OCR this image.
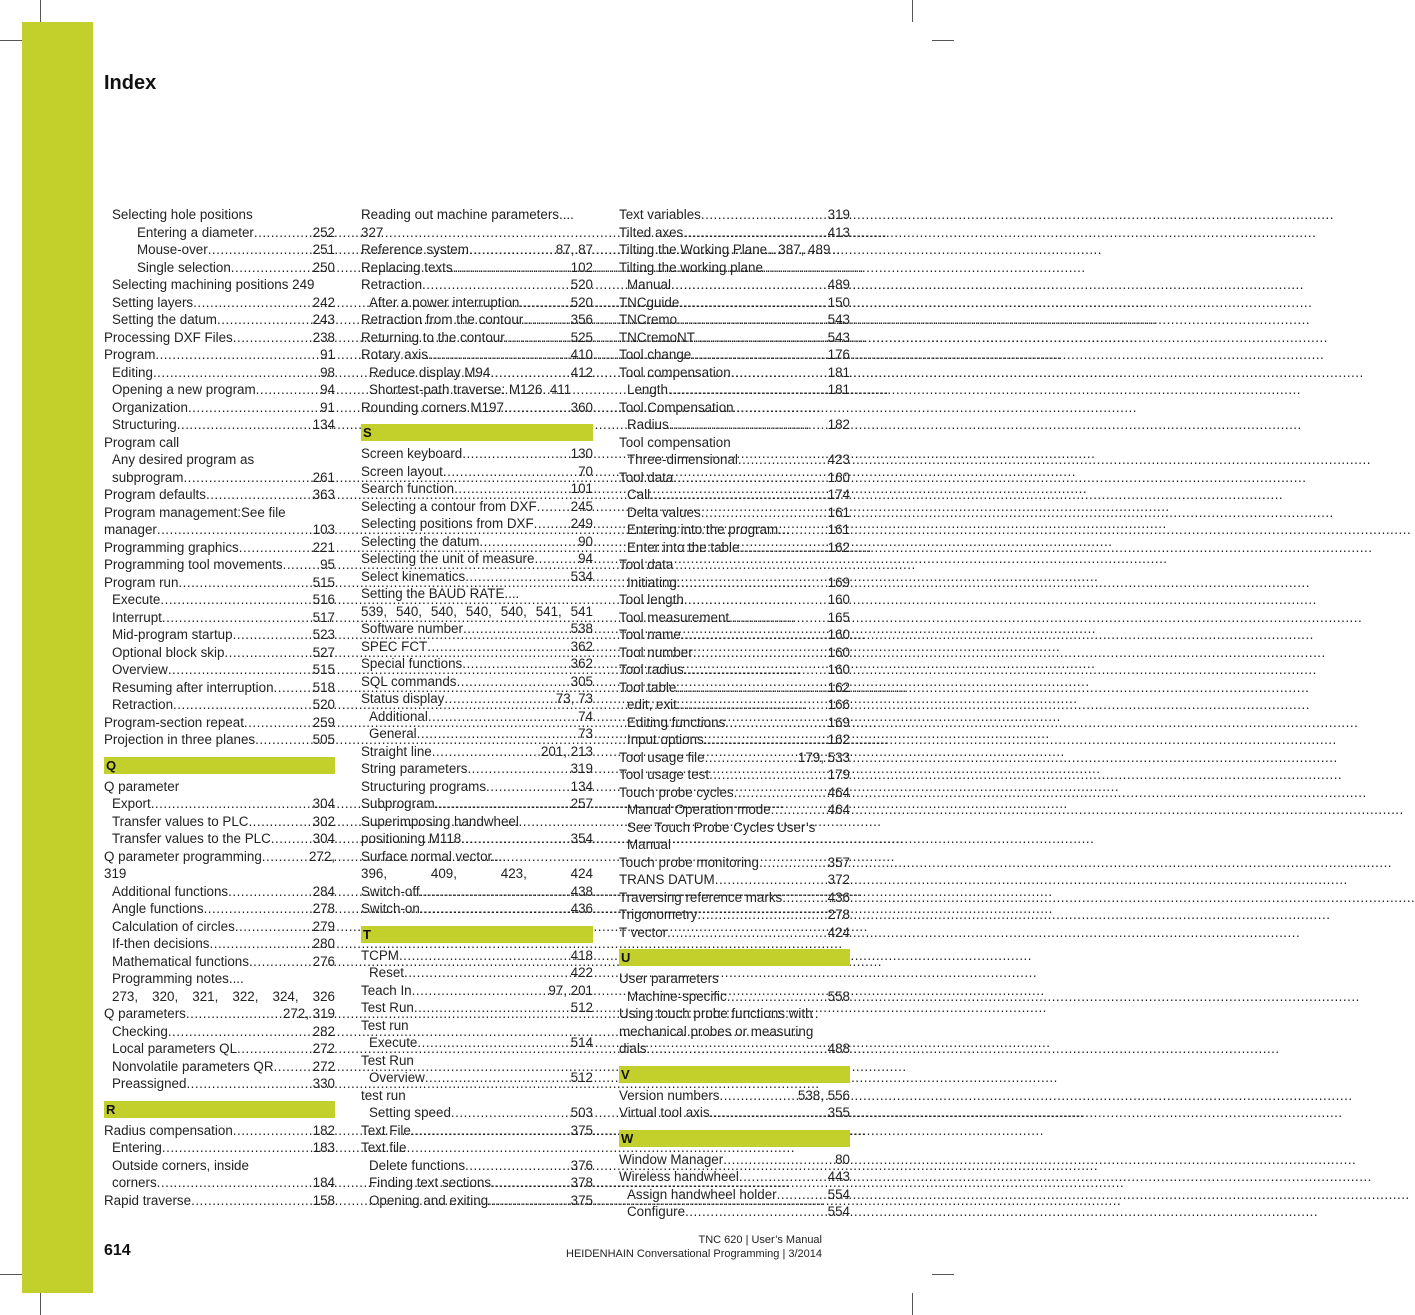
Index
Selecting hole positions
Entering a diameter .....	252
Mouse-over .....	251
Single selection .....	250
Selecting machining positions 249
Setting layers .....	242
Setting the datum .....	243
Processing DXF Files .....	238
Program .....	91
Editing .....	98
Opening a new program .....	94
Organization .....	91
Structuring .....	134
Program call
Any desired program as
subprogram .....	261
Program defaults .....	363
Program management:See file
manager .....	103
Programming graphics .....	221
Programming tool movements .....	95
Program run .....	515
Execute .....	516
Interrupt .....	517
Mid-program startup .....	523
Optional block skip .....	527
Overview .....	515
Resuming after interruption .....	518
Retraction .....	520
Program-section repeat .....	259
Projection in three planes .....	505
Q
Q parameter
Export .....	304
Transfer values to PLC .....	302
Transfer values to the PLC .....	304
Q parameter programming .....	272,
319
Additional functions .....	284
Angle functions .....	278
Calculation of circles .....	279
If-then decisions .....	280
Mathematical functions .....	276
Programming notes....
273, 320, 321, 322, 324, 326
Q parameters .....	272, 319
Checking .....	282
Local parameters QL .....	272
Nonvolatile parameters QR .....	272
Preassigned .....	330
R
Radius compensation .....	182
Entering .....	183
Outside corners, inside
corners .....	184
Rapid traverse .....	158
Reading out machine parameters....
327
Reference system .....	87, 87
Replacing texts .....	102
Retraction .....	520
After a power interruption .....	520
Retraction from the contour .....	356
Returning to the contour .....	525
Rotary axis .....	410
Reduce display M94 .....	412
Shortest-path traverse: M126. 411
Rounding corners M197 .....	360
S
Screen keyboard .....	130
Screen layout .....	70
Search function .....	101
Selecting a contour from DXF .....	245
Selecting positions from DXF .....	249
Selecting the datum .....	90
Selecting the unit of measure .....	94
Select kinematics .....	534
Setting the BAUD RATE....
539, 540, 540, 540, 540, 541, 541
Software number .....	538
SPEC FCT .....	362
Special functions .....	362
SQL commands .....	305
Status display .....	73, 73
Additional .....	74
General .....	73
Straight line .....	201, 213
String parameters .....	319
Structuring programs .....	134
Subprogram .....	257
Superimposing handwheel
positioning M118 .....	354
Surface normal vector....
396, 409, 423, 424
Switch-off .....	438
Switch-on .....	436
T
TCPM .....	418
Reset .....	422
Teach In .....	97, 201
Test Run .....	512
Test run
Execute .....	514
Test Run
Overview .....	512
test run
Setting speed .....	503
Text File .....	375
Text file
Delete functions .....	376
Finding text sections .....	378
Opening and exiting .....	375
Text variables .....	319
Tilted axes .....	413
Tilting the Working Plane.. 387, 489
Tilting the working plane
Manual .....	489
TNCguide .....	150
TNCremo .....	543
TNCremoNT .....	543
Tool change .....	176
Tool compensation .....	181
Length .....	181
Tool Compensation
Radius .....	182
Tool compensation
Three-dimensional .....	423
Tool data .....	160
Call .....	174
Delta values .....	161
Entering into the program .....	161
Enter into the table .....	162
Tool data
Initiating .....	169
Tool length .....	160
Tool measurement .....	165
Tool name .....	160
Tool number .....	160
Tool radius .....	160
Tool table .....	162
edit, exit .....	166
Editing functions .....	169
Input options .....	162
Tool usage file .....	179, 533
Tool usage test .....	179
Touch probe cycles .....	464
Manual Operation mode .....	464
See Touch Probe Cycles User’s
Manual
Touch probe monitoring .....	357
TRANS DATUM .....	372
Traversing reference marks .....	436
Trigonometry .....	278
T vector .....	424
U
User parameters
Machine-specific .....	558
Using touch probe functions with
mechanical probes or measuring
dials .....	488
V
Version numbers .....	538, 556
Virtual tool axis .....	355
W
Window Manager .....	80
Wireless handwheel .....	443
Assign handwheel holder .....	554
Configure .....	554
614
TNC 620 | User’s Manual
HEIDENHAIN Conversational Programming | 3/2014
